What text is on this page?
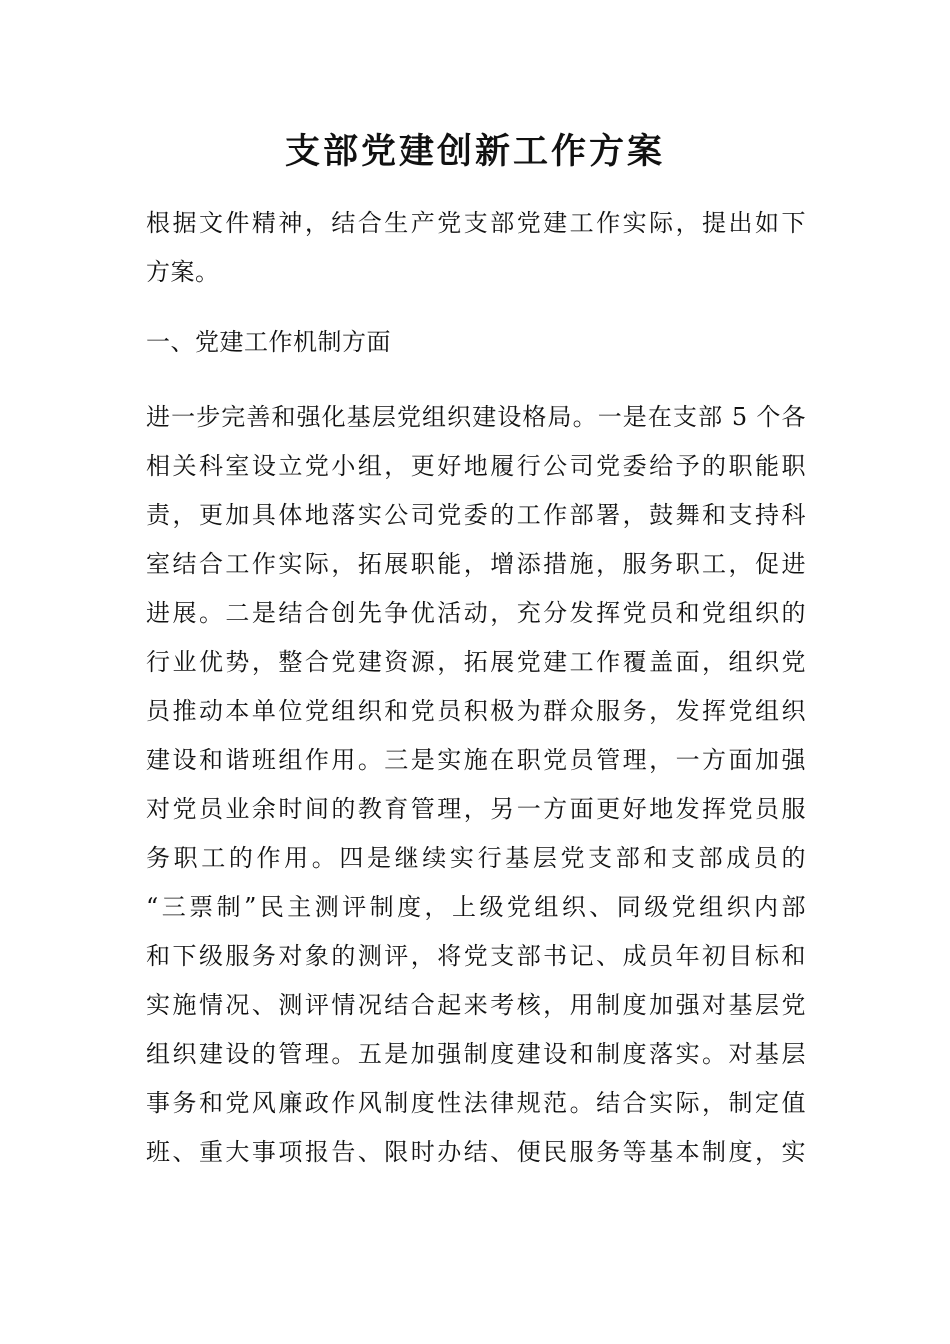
支部党建创新工作方案

根据文件精神，结合生产党支部党建工作实际，提出如下

方案。

一、党建工作机制方面

进一步完善和强化基层党组织建设格局。一是在支部 5 个各

相关科室设立党小组，更好地履行公司党委给予的职能职

责，更加具体地落实公司党委的工作部署，鼓舞和支持科

室结合工作实际，拓展职能，增添措施，服务职工，促进

进展。二是结合创先争优活动，充分发挥党员和党组织的

行业优势，整合党建资源，拓展党建工作覆盖面，组织党

员推动本单位党组织和党员积极为群众服务，发挥党组织

建设和谐班组作用。三是实施在职党员管理，一方面加强

对党员业余时间的教育管理，另一方面更好地发挥党员服

务职工的作用。四是继续实行基层党支部和支部成员的

“三票制”民主测评制度，上级党组织、同级党组织内部

和下级服务对象的测评，将党支部书记、成员年初目标和

实施情况、测评情况结合起来考核，用制度加强对基层党

组织建设的管理。五是加强制度建设和制度落实。对基层

事务和党风廉政作风制度性法律规范。结合实际，制定值

班、重大事项报告、限时办结、便民服务等基本制度，实
